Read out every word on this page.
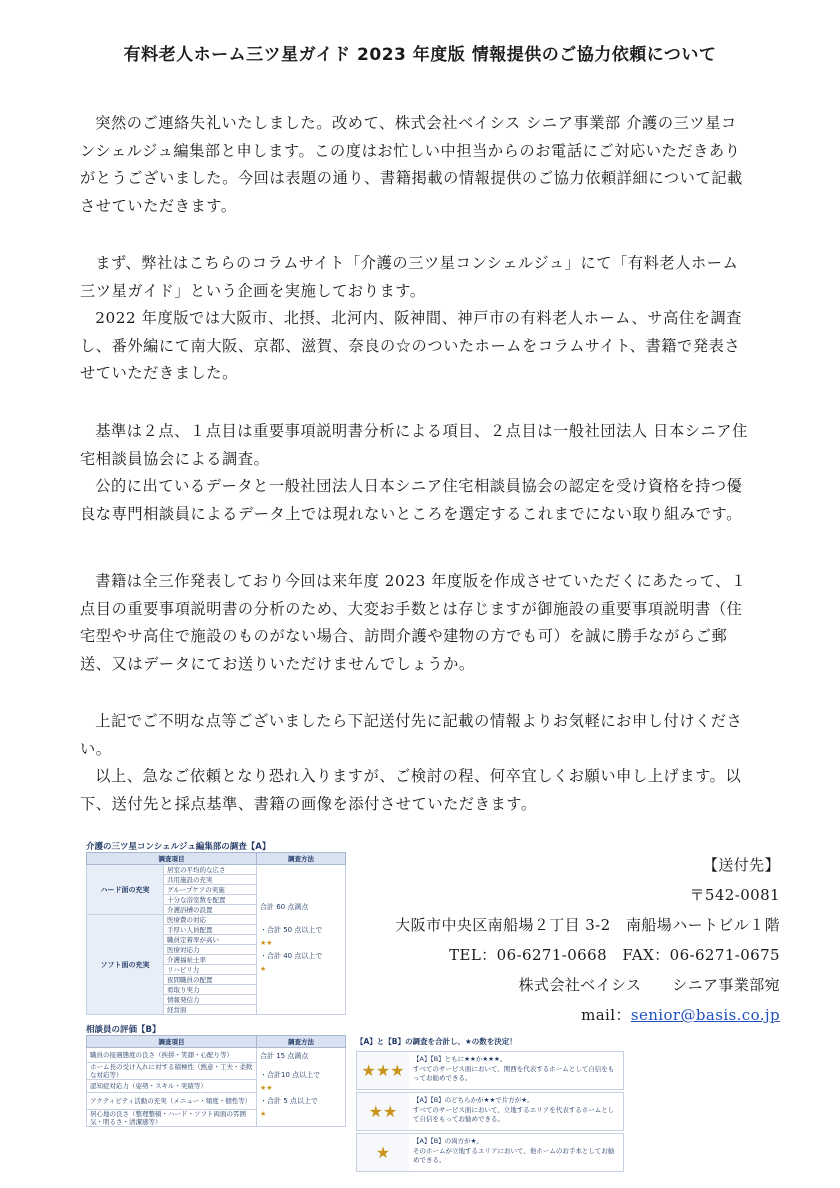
有料老人ホーム三ツ星ガイド 2023 年度版 情報提供のご協力依頼について

突然のご連絡失礼いたしました。改めて、株式会社ベイシス シニア事業部 介護の三ツ星コンシェルジュ編集部と申します。この度はお忙しい中担当からのお電話にご対応いただきありがとうございました。今回は表題の通り、書籍掲載の情報提供のご協力依頼詳細について記載させていただきます。

まず、弊社はこちらのコラムサイト「介護の三ツ星コンシェルジュ」にて「有料老人ホーム三ツ星ガイド」という企画を実施しております。

2022 年度版では大阪市、北摂、北河内、阪神間、神戸市の有料老人ホーム、サ高住を調査し、番外編にて南大阪、京都、滋賀、奈良の☆のついたホームをコラムサイト、書籍で発表させていただきました。

基準は２点、１点目は重要事項説明書分析による項目、２点目は一般社団法人 日本シニア住宅相談員協会による調査。

公的に出ているデータと一般社団法人日本シニア住宅相談員協会の認定を受け資格を持つ優良な専門相談員によるデータ上では現れないところを選定するこれまでにない取り組みです。

書籍は全三作発表しており今回は来年度 2023 年度版を作成させていただくにあたって、１点目の重要事項説明書の分析のため、大変お手数とは存じますが御施設の重要事項説明書（住宅型やサ高住で施設のものがない場合、訪問介護や建物の方でも可）を誠に勝手ながらご郵送、又はデータにてお送りいただけませんでしょうか。

上記でご不明な点等ございましたら下記送付先に記載の情報よりお気軽にお申し付けください。

以上、急なご依頼となり恐れ入りますが、ご検討の程、何卒宜しくお願い申し上げます。以下、送付先と採点基準、書籍の画像を添付させていただきます。

介護の三ツ星コンシェルジュ編集部の調査【A】

調査項目		調査方法
ハード面の充実	居室の平均的な広さ	合計 60 点満点
・合計 50 点以上で
★★
・合計 40 点以上で
★

	共用施設の充実	
	グループケアの実施	
	十分な浴室数を配置	
	介護浴槽の設置	
ソフト面の充実	医療費の対応	
	手厚い人員配置	
	職員定着率が高い	
	医療対応力	
	介護福祉士率	
	リハビリ力	
	夜間職員の配置	
	看取り実力	
	情報発信力	
	経営面	

相談員の評価【B】

調査項目	調査方法
職員の接遇態度の良さ（挨拶・笑顔・心配り等）	合計 15 点満点
・合計10 点以上で
★★
・合計 5 点以上で
★

ホーム長の受け入れに対する積極性（熱意・工夫・柔軟な対応等）	
認知症対応力（姿勢・スキル・実績等）	
アクティビティ活動の充実（メニュー・頻度・個性等）	
居心地の良さ（整理整頓・ハード・ソフト両面の雰囲気・明るさ・清潔感等）	

【A】と【B】の調査を合計し、★の数を決定！

★★★
【A】【B】ともに★★か★★★。
すべてのサービス面において、関西を代表するホームとして自信をもってお勧めできる。
★★
【A】【B】のどちらかが★★で片方が★。
すべてのサービス面において、立地するエリアを代表するホームとして自信をもってお勧めできる。
★
【A】【B】の両方が★。
そのホームが立地するエリアにおいて、他ホームのお手本としてお勧めできる。
【送付先】
〒542-0081
大阪市中央区南船場２丁目 3-2　南船場ハートビル１階
TEL：06-6271-0668　FAX：06-6271-0675
株式会社ベイシス　　シニア事業部宛
mail：senior@basis.co.jp
